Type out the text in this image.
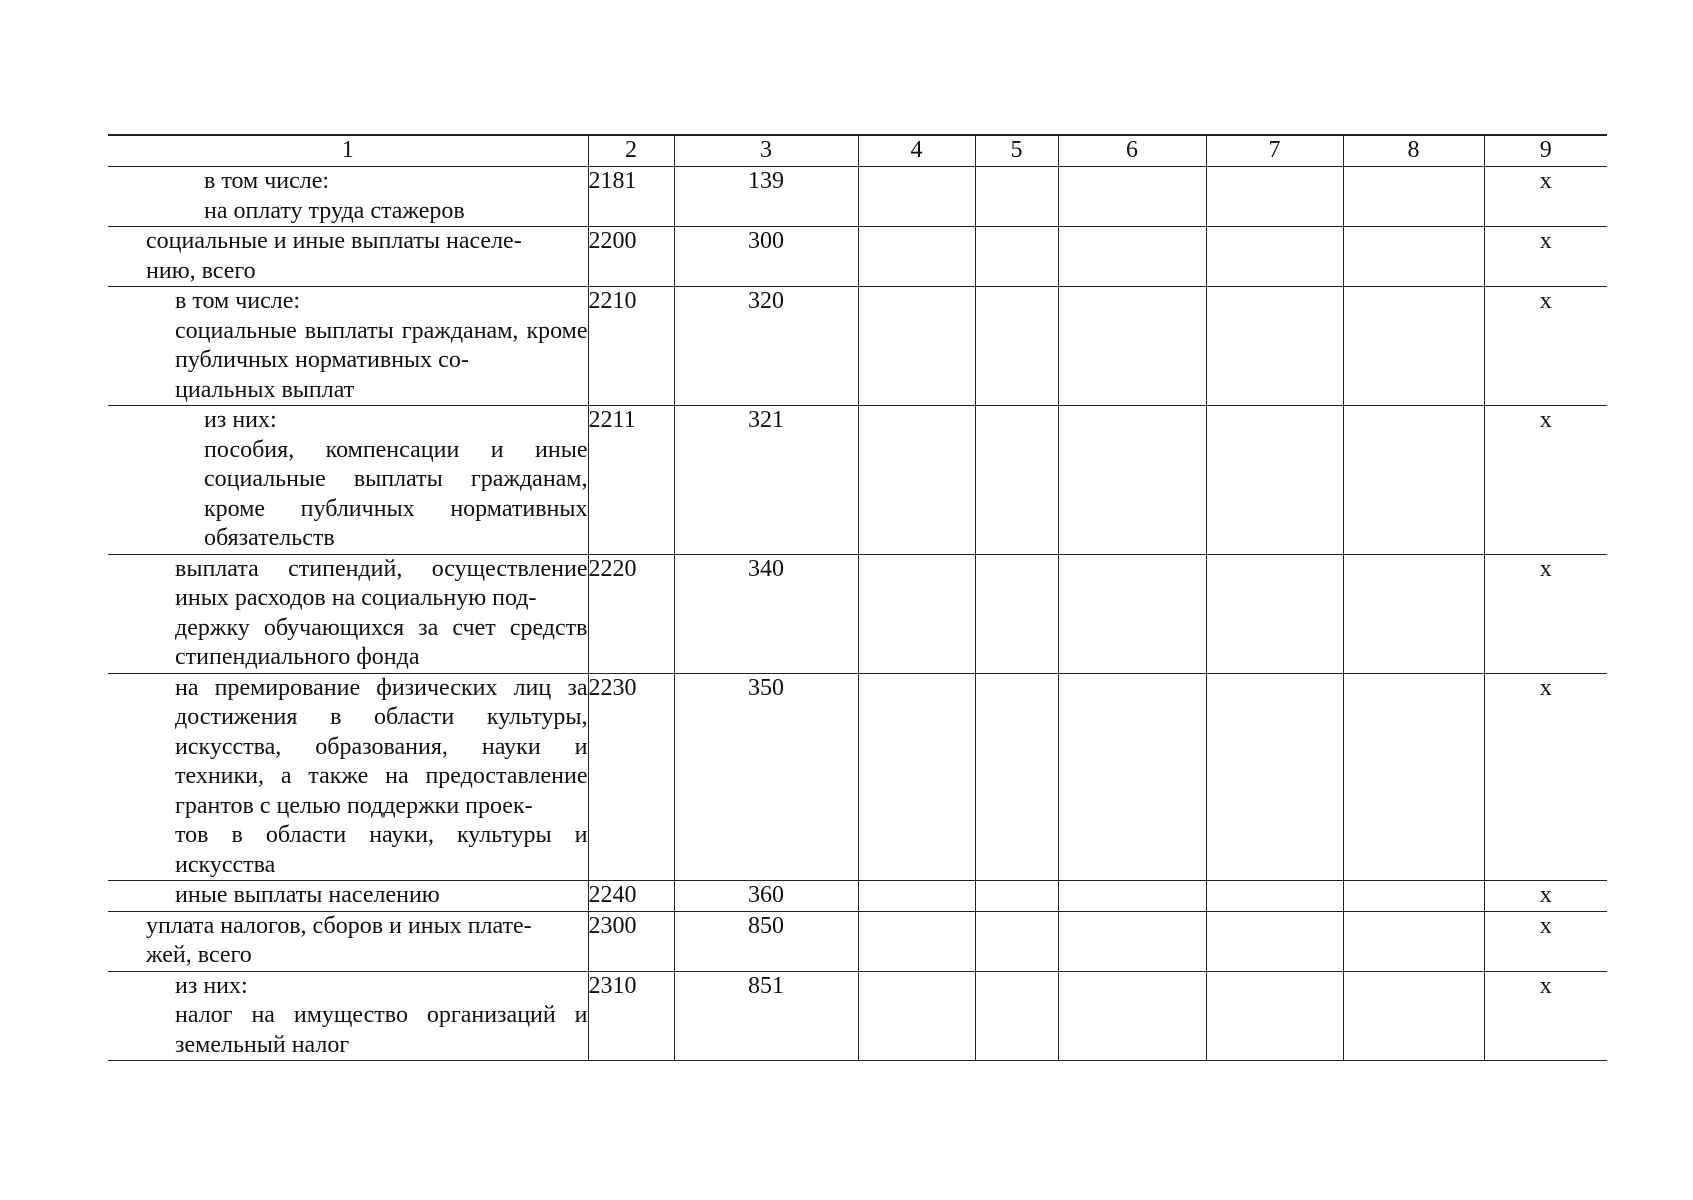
1	2	3	4	5	6	7	8	9

в том числе:
на оплату труда стажеров	2181	139						х

социальные и иные выплаты населе-
нию, всего	2200	300						х

в том числе:
социальные выплаты гражданам, кроме публичных нормативных со-
циальных выплат	2210	320						х

из них:
пособия, компенсации и иные социальные выплаты гражданам, кроме публичных нормативных обязательств	2211	321						х

выплата стипендий, осуществление иных расходов на социальную под-
держку обучающихся за счет средств стипендиального фонда	2220	340						х

на премирование физических лиц за достижения в области культуры, искусства, образования, науки и техники, а также на предоставление грантов с целью поддержки проек-
тов в области науки, культуры и искусства	2230	350						х

иные выплаты населению	2240	360						х

уплата налогов, сборов и иных плате-
жей, всего	2300	850						х

из них:
налог на имущество организаций и земельный налог	2310	851						х
